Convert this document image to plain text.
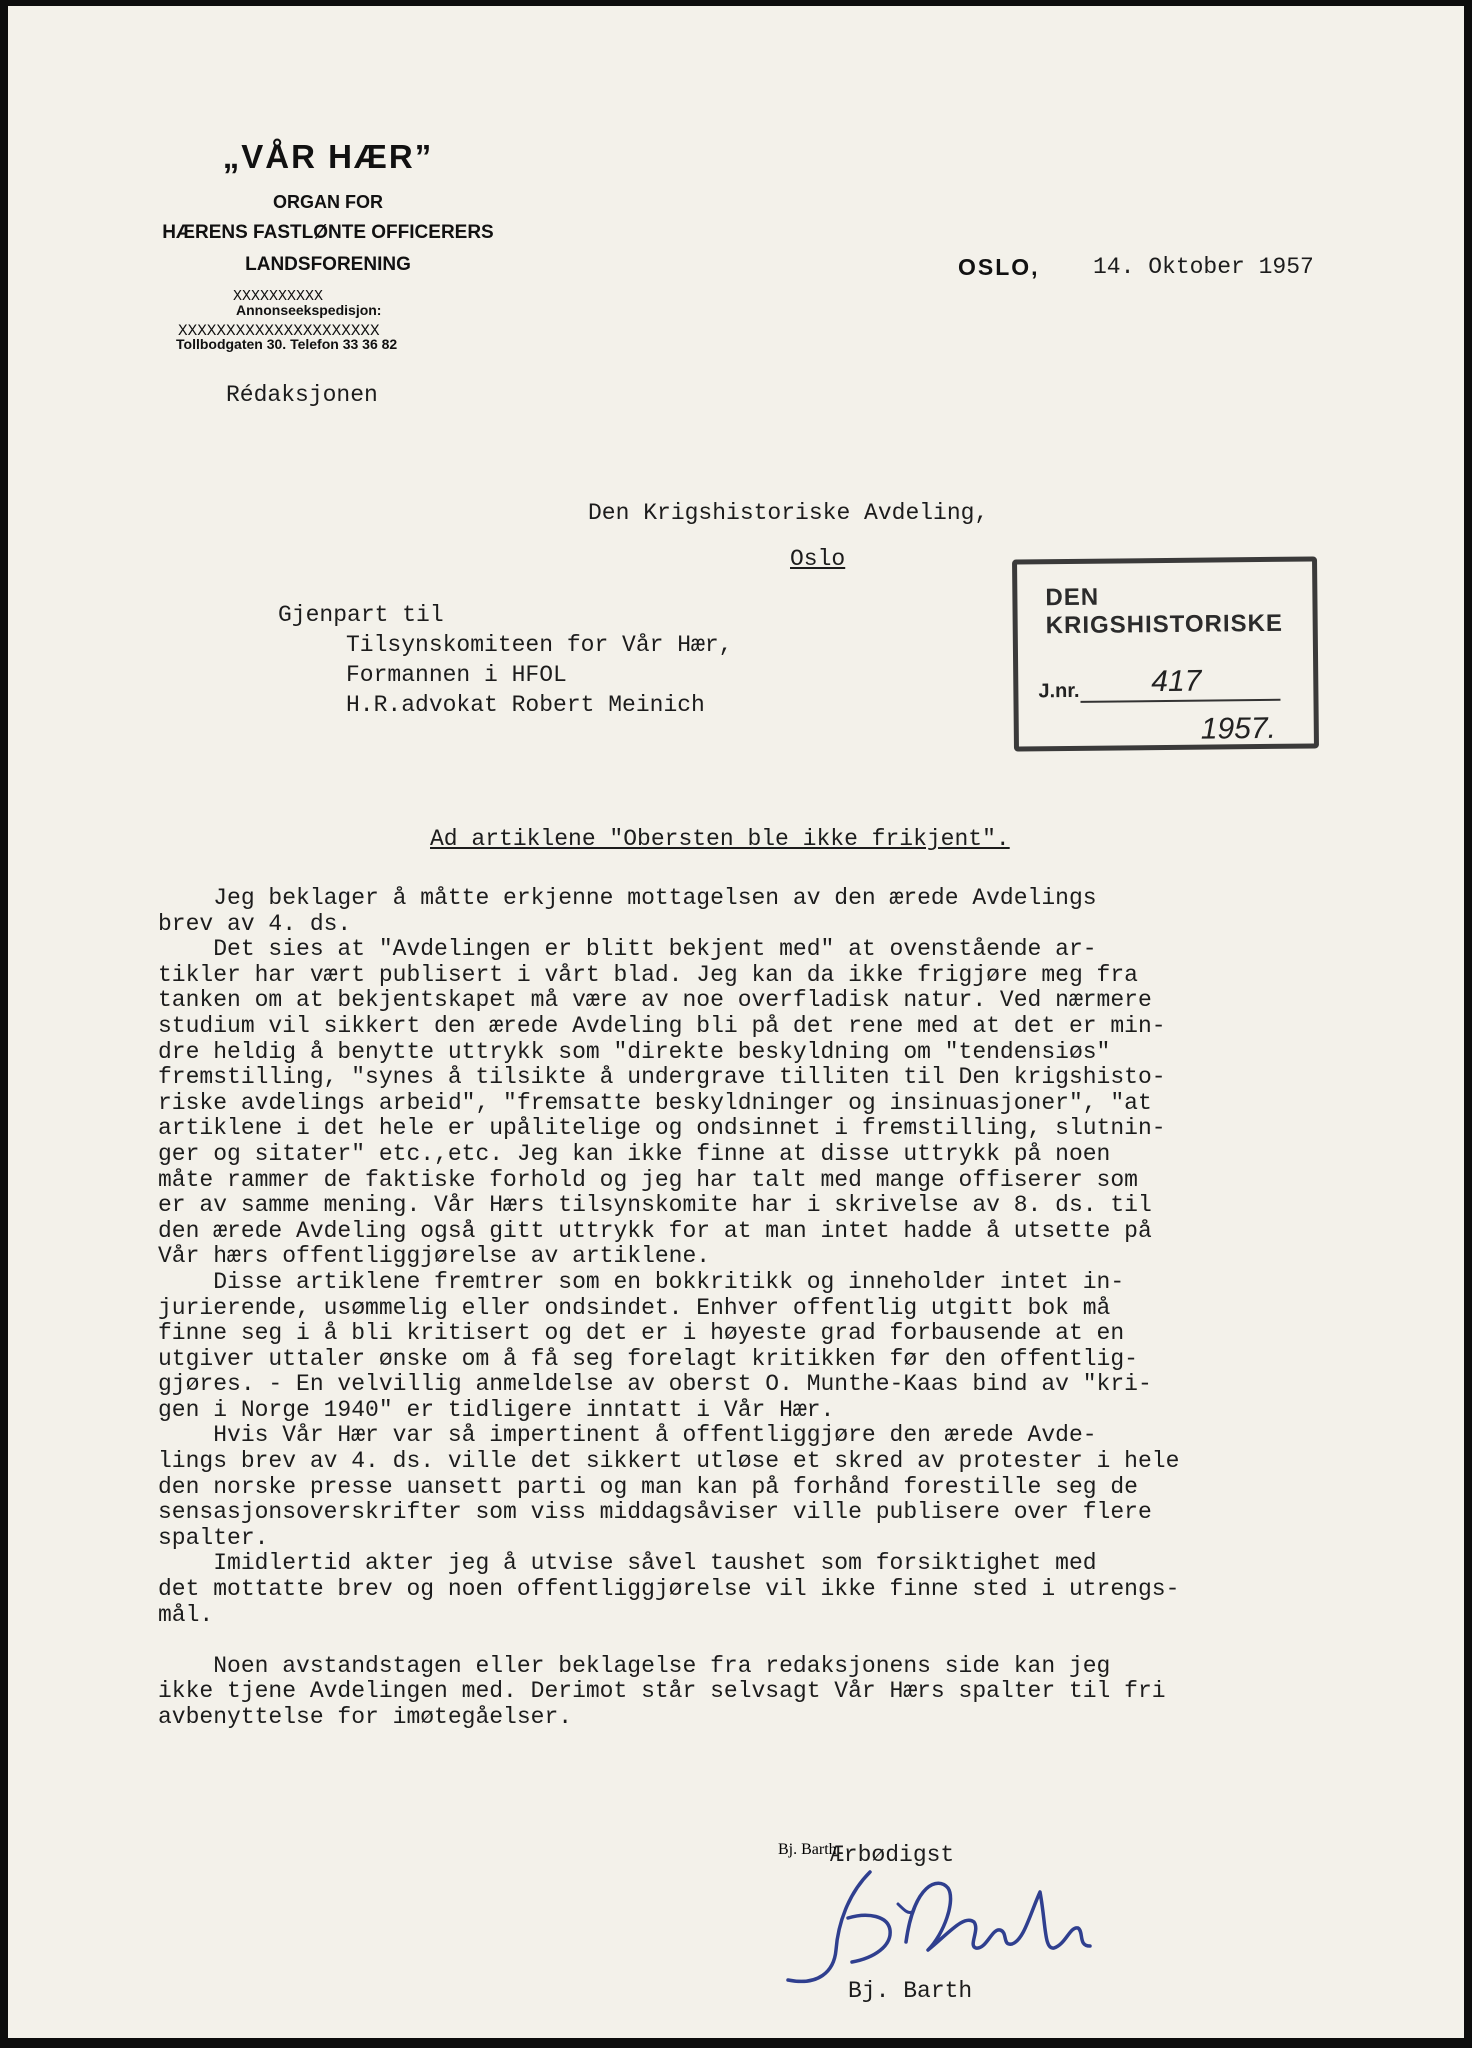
„VÅR HÆR”
ORGAN FOR
HÆRENS FASTLØNTE OFFICERERS
LANDSFORENING
XXXXXXXXXX
Annonseekspedisjon:
XXXXXXXXXXXXXXXXXXXXX
Tollbodgaten 30. Telefon 33 36 82
OSLO, 14. Oktober 1957
Rédaksjonen
Den Krigshistoriske Avdeling,
Oslo
Gjenpart til
Tilsynskomiteen for Vår Hær,
Formannen i HFOL
H.R.advokat Robert Meinich
DEN KRIGSHISTORISKE
J.nr. 417
1957.
Ad artiklene "Obersten ble ikke frikjent".
Jeg beklager å måtte erkjenne mottagelsen av den ærede Avdelings
brev av 4. ds.
Det sies at "Avdelingen er blitt bekjent med" at ovenstående ar-
tikler har vært publisert i vårt blad. Jeg kan da ikke frigjøre meg fra
tanken om at bekjentskapet må være av noe overfladisk natur. Ved nærmere
studium vil sikkert den ærede Avdeling bli på det rene med at det er min-
dre heldig å benytte uttrykk som "direkte beskyldning om "tendensiøs"
fremstilling, "synes å tilsikte å undergrave tilliten til Den krigshisto-
riske avdelings arbeid", "fremsatte beskyldninger og insinuasjoner", "at
artiklene i det hele er upålitelige og ondsinnet i fremstilling, slutnin-
ger og sitater" etc.,etc. Jeg kan ikke finne at disse uttrykk på noen
måte rammer de faktiske forhold og jeg har talt med mange offiserer som
er av samme mening. Vår Hærs tilsynskomite har i skrivelse av 8. ds. til
den ærede Avdeling også gitt uttrykk for at man intet hadde å utsette på
Vår hærs offentliggjørelse av artiklene.
Disse artiklene fremtrer som en bokkritikk og inneholder intet in-
jurierende, usømmelig eller ondsindet. Enhver offentlig utgitt bok må
finne seg i å bli kritisert og det er i høyeste grad forbausende at en
utgiver uttaler ønske om å få seg forelagt kritikken før den offentlig-
gjøres. - En velvillig anmeldelse av oberst O. Munthe-Kaas bind av "kri-
gen i Norge 1940" er tidligere inntatt i Vår Hær.
Hvis Vår Hær var så impertinent å offentliggjøre den ærede Avde-
lings brev av 4. ds. ville det sikkert utløse et skred av protester i hele
den norske presse uansett parti og man kan på forhånd forestille seg de
sensasjonsoverskrifter som viss middagsåviser ville publisere over flere
spalter.
Imidlertid akter jeg å utvise såvel taushet som forsiktighet med
det mottatte brev og noen offentliggjørelse vil ikke finne sted i utrengs-
mål.
Noen avstandstagen eller beklagelse fra redaksjonens side kan jeg
ikke tjene Avdelingen med. Derimot står selvsagt Vår Hærs spalter til fri
avbenyttelse for imøtegåelser.
Ærbødigst
Bj. Barth
Bj. Barth
